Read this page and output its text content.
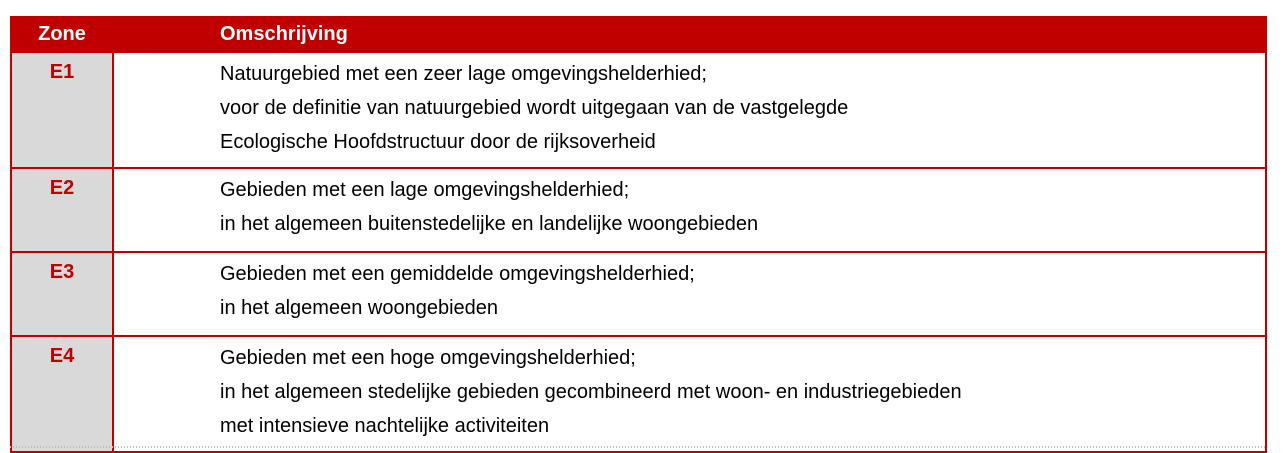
Zone	Omschrijving
E1	Natuurgebied met een zeer lage omgevingshelderhied;
voor de definitie van natuurgebied wordt uitgegaan van de vastgelegde
Ecologische Hoofdstructuur door de rijksoverheid

E2	Gebieden met een lage omgevingshelderhied;
in het algemeen buitenstedelijke en landelijke woongebieden

E3	Gebieden met een gemiddelde omgevingshelderhied;
in het algemeen woongebieden

E4	Gebieden met een hoge omgevingshelderhied;
in het algemeen stedelijke gebieden gecombineerd met woon- en industriegebieden
met intensieve nachtelijke activiteiten
